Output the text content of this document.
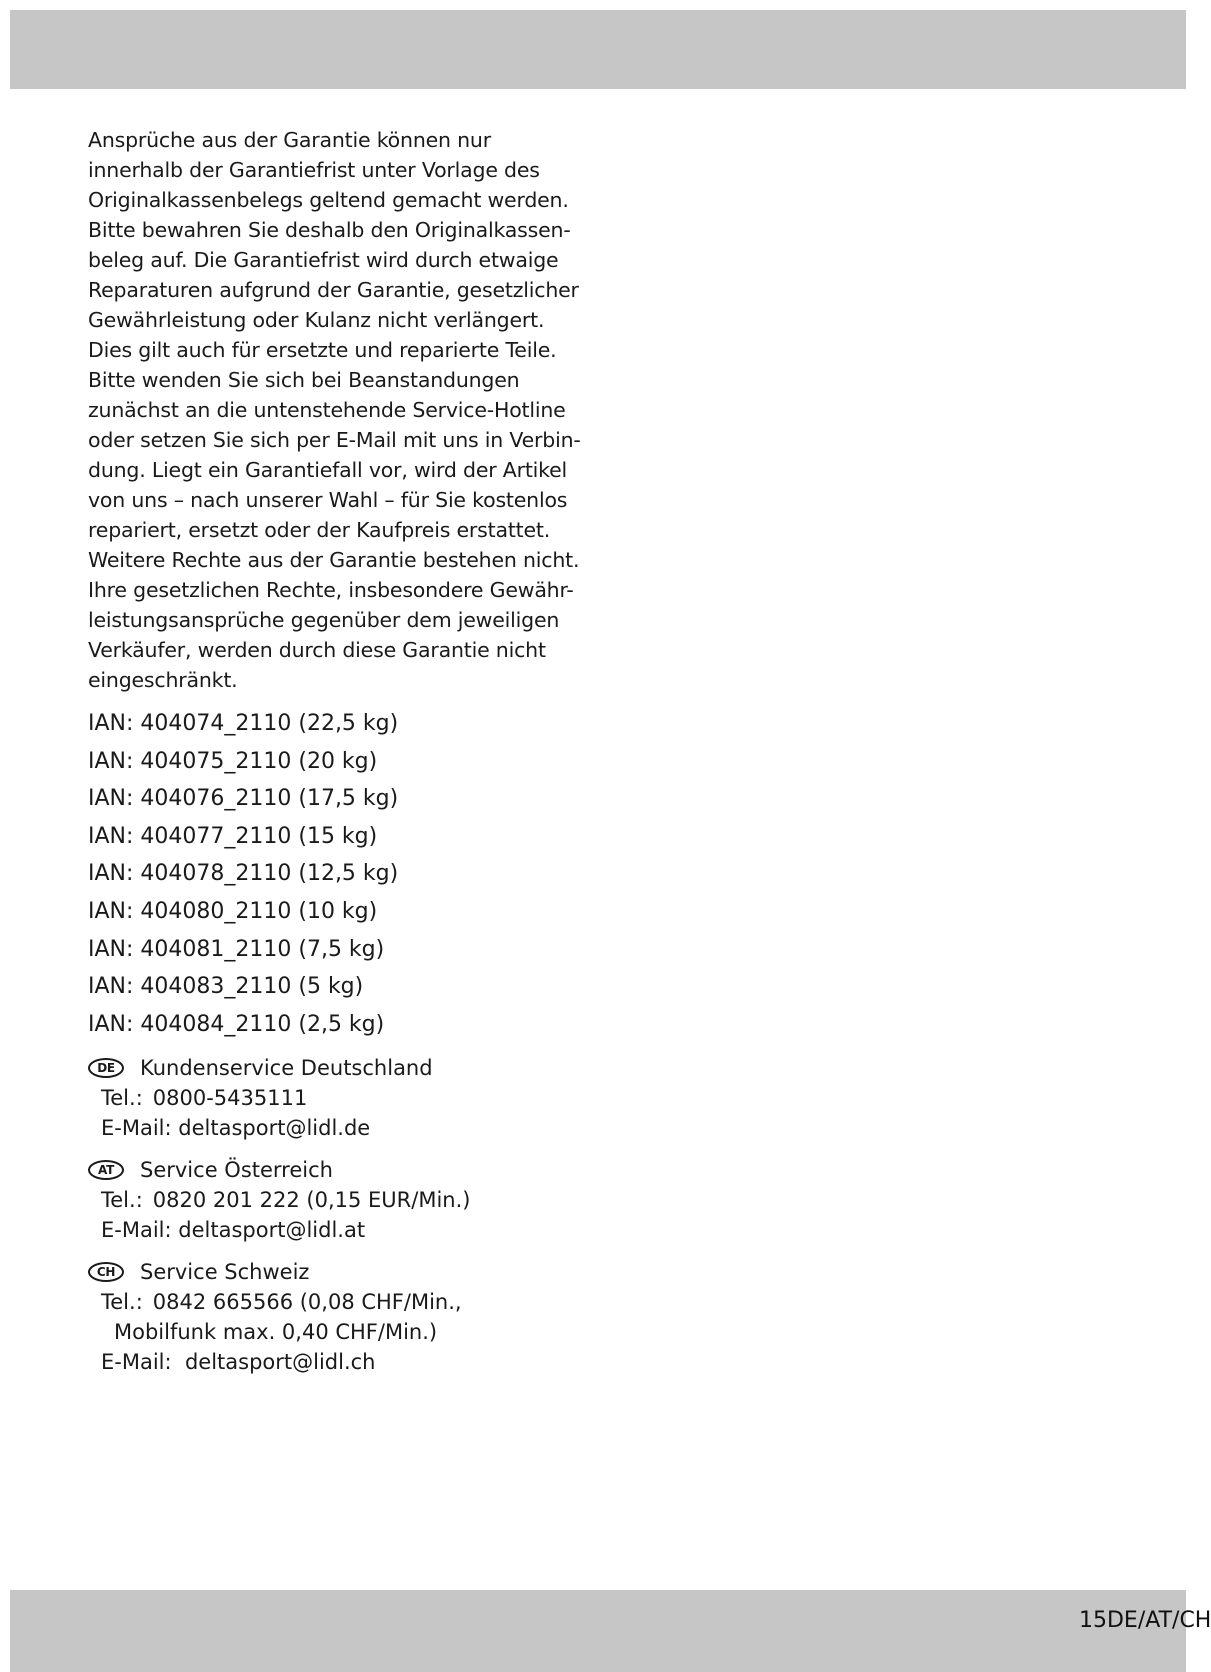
Ansprüche aus der Garantie können nur
innerhalb der Garantiefrist unter Vorlage des
Originalkassenbelegs geltend gemacht werden.
Bitte bewahren Sie deshalb den Originalkassen-
beleg auf. Die Garantiefrist wird durch etwaige
Reparaturen aufgrund der Garantie, gesetzlicher
Gewährleistung oder Kulanz nicht verlängert.
Dies gilt auch für ersetzte und reparierte Teile.
Bitte wenden Sie sich bei Beanstandungen
zunächst an die untenstehende Service-Hotline
oder setzen Sie sich per E-Mail mit uns in Verbin-
dung. Liegt ein Garantiefall vor, wird der Artikel
von uns – nach unserer Wahl – für Sie kostenlos
repariert, ersetzt oder der Kaufpreis erstattet.
Weitere Rechte aus der Garantie bestehen nicht.
Ihre gesetzlichen Rechte, insbesondere Gewähr-
leistungsansprüche gegenüber dem jeweiligen
Verkäufer, werden durch diese Garantie nicht
eingeschränkt.
IAN: 404074_2110 (22,5 kg)
IAN: 404075_2110 (20 kg)
IAN: 404076_2110 (17,5 kg)
IAN: 404077_2110 (15 kg)
IAN: 404078_2110 (12,5 kg)
IAN: 404080_2110 (10 kg)
IAN: 404081_2110 (7,5 kg)
IAN: 404083_2110 (5 kg)
IAN: 404084_2110 (2,5 kg)
DE	Kundenservice Deutschland
Tel.: 0800-5435111
E-Mail: deltasport@lidl.de
AT	Service Österreich
Tel.: 0820 201 222 (0,15 EUR/Min.)
E-Mail: deltasport@lidl.at
CH	Service Schweiz
Tel.: 0842 665566 (0,08 CHF/Min.,
Mobilfunk max. 0,40 CHF/Min.)
E-Mail: deltasport@lidl.ch
15DE/AT/CH
